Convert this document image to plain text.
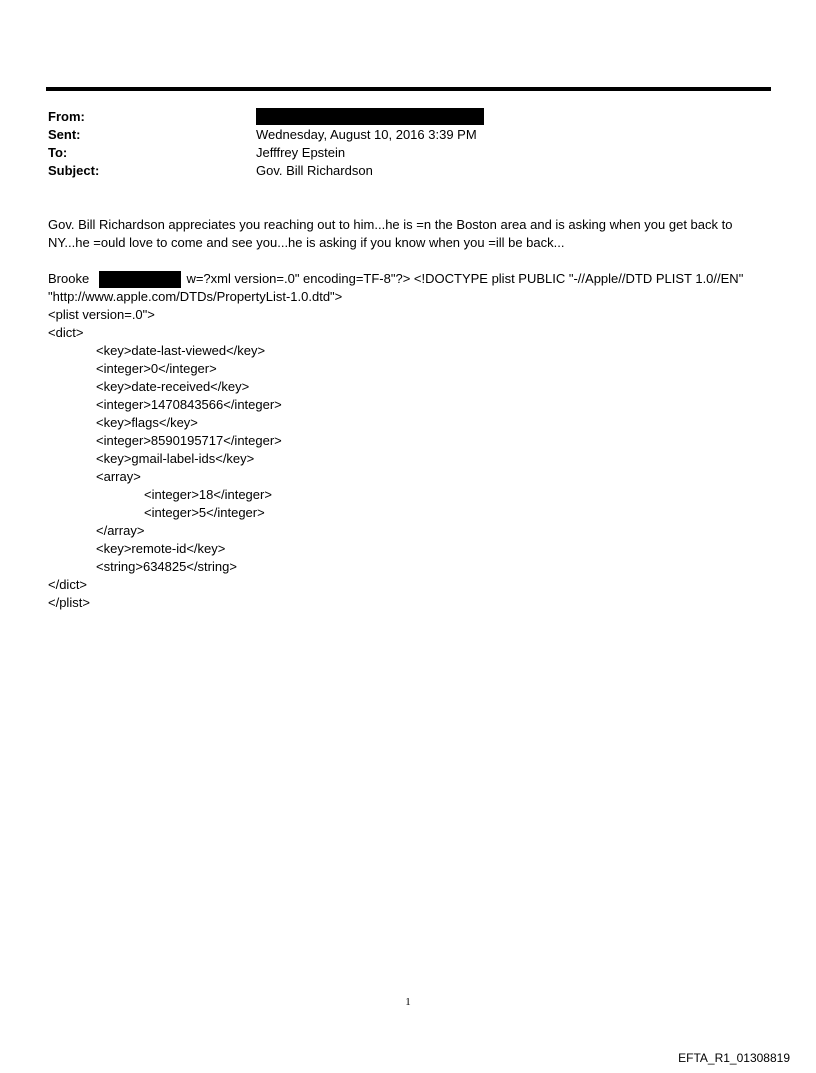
From:
Sent:	Wednesday, August 10, 2016 3:39 PM
To:	Jefffrey Epstein
Subject:	Gov. Bill Richardson
Gov. Bill Richardson appreciates you reaching out to him...he is =n the Boston area and is asking when you get back to
NY...he =ould love to come and see you...he is asking if you know when you =ill be back...
Brooke	w=?xml version=.0" encoding=TF-8"?> <!DOCTYPE plist PUBLIC "-//Apple//DTD PLIST 1.0//EN"
"http://www.apple.com/DTDs/PropertyList-1.0.dtd">
<plist version=.0">
<dict>
<key>date-last-viewed</key>
<integer>0</integer>
<key>date-received</key>
<integer>1470843566</integer>
<key>flags</key>
<integer>8590195717</integer>
<key>gmail-label-ids</key>
<array>
<integer>18</integer>
<integer>5</integer>
</array>
<key>remote-id</key>
<string>634825</string>
</dict>
</plist>
1
EFTA_R1_01308819
